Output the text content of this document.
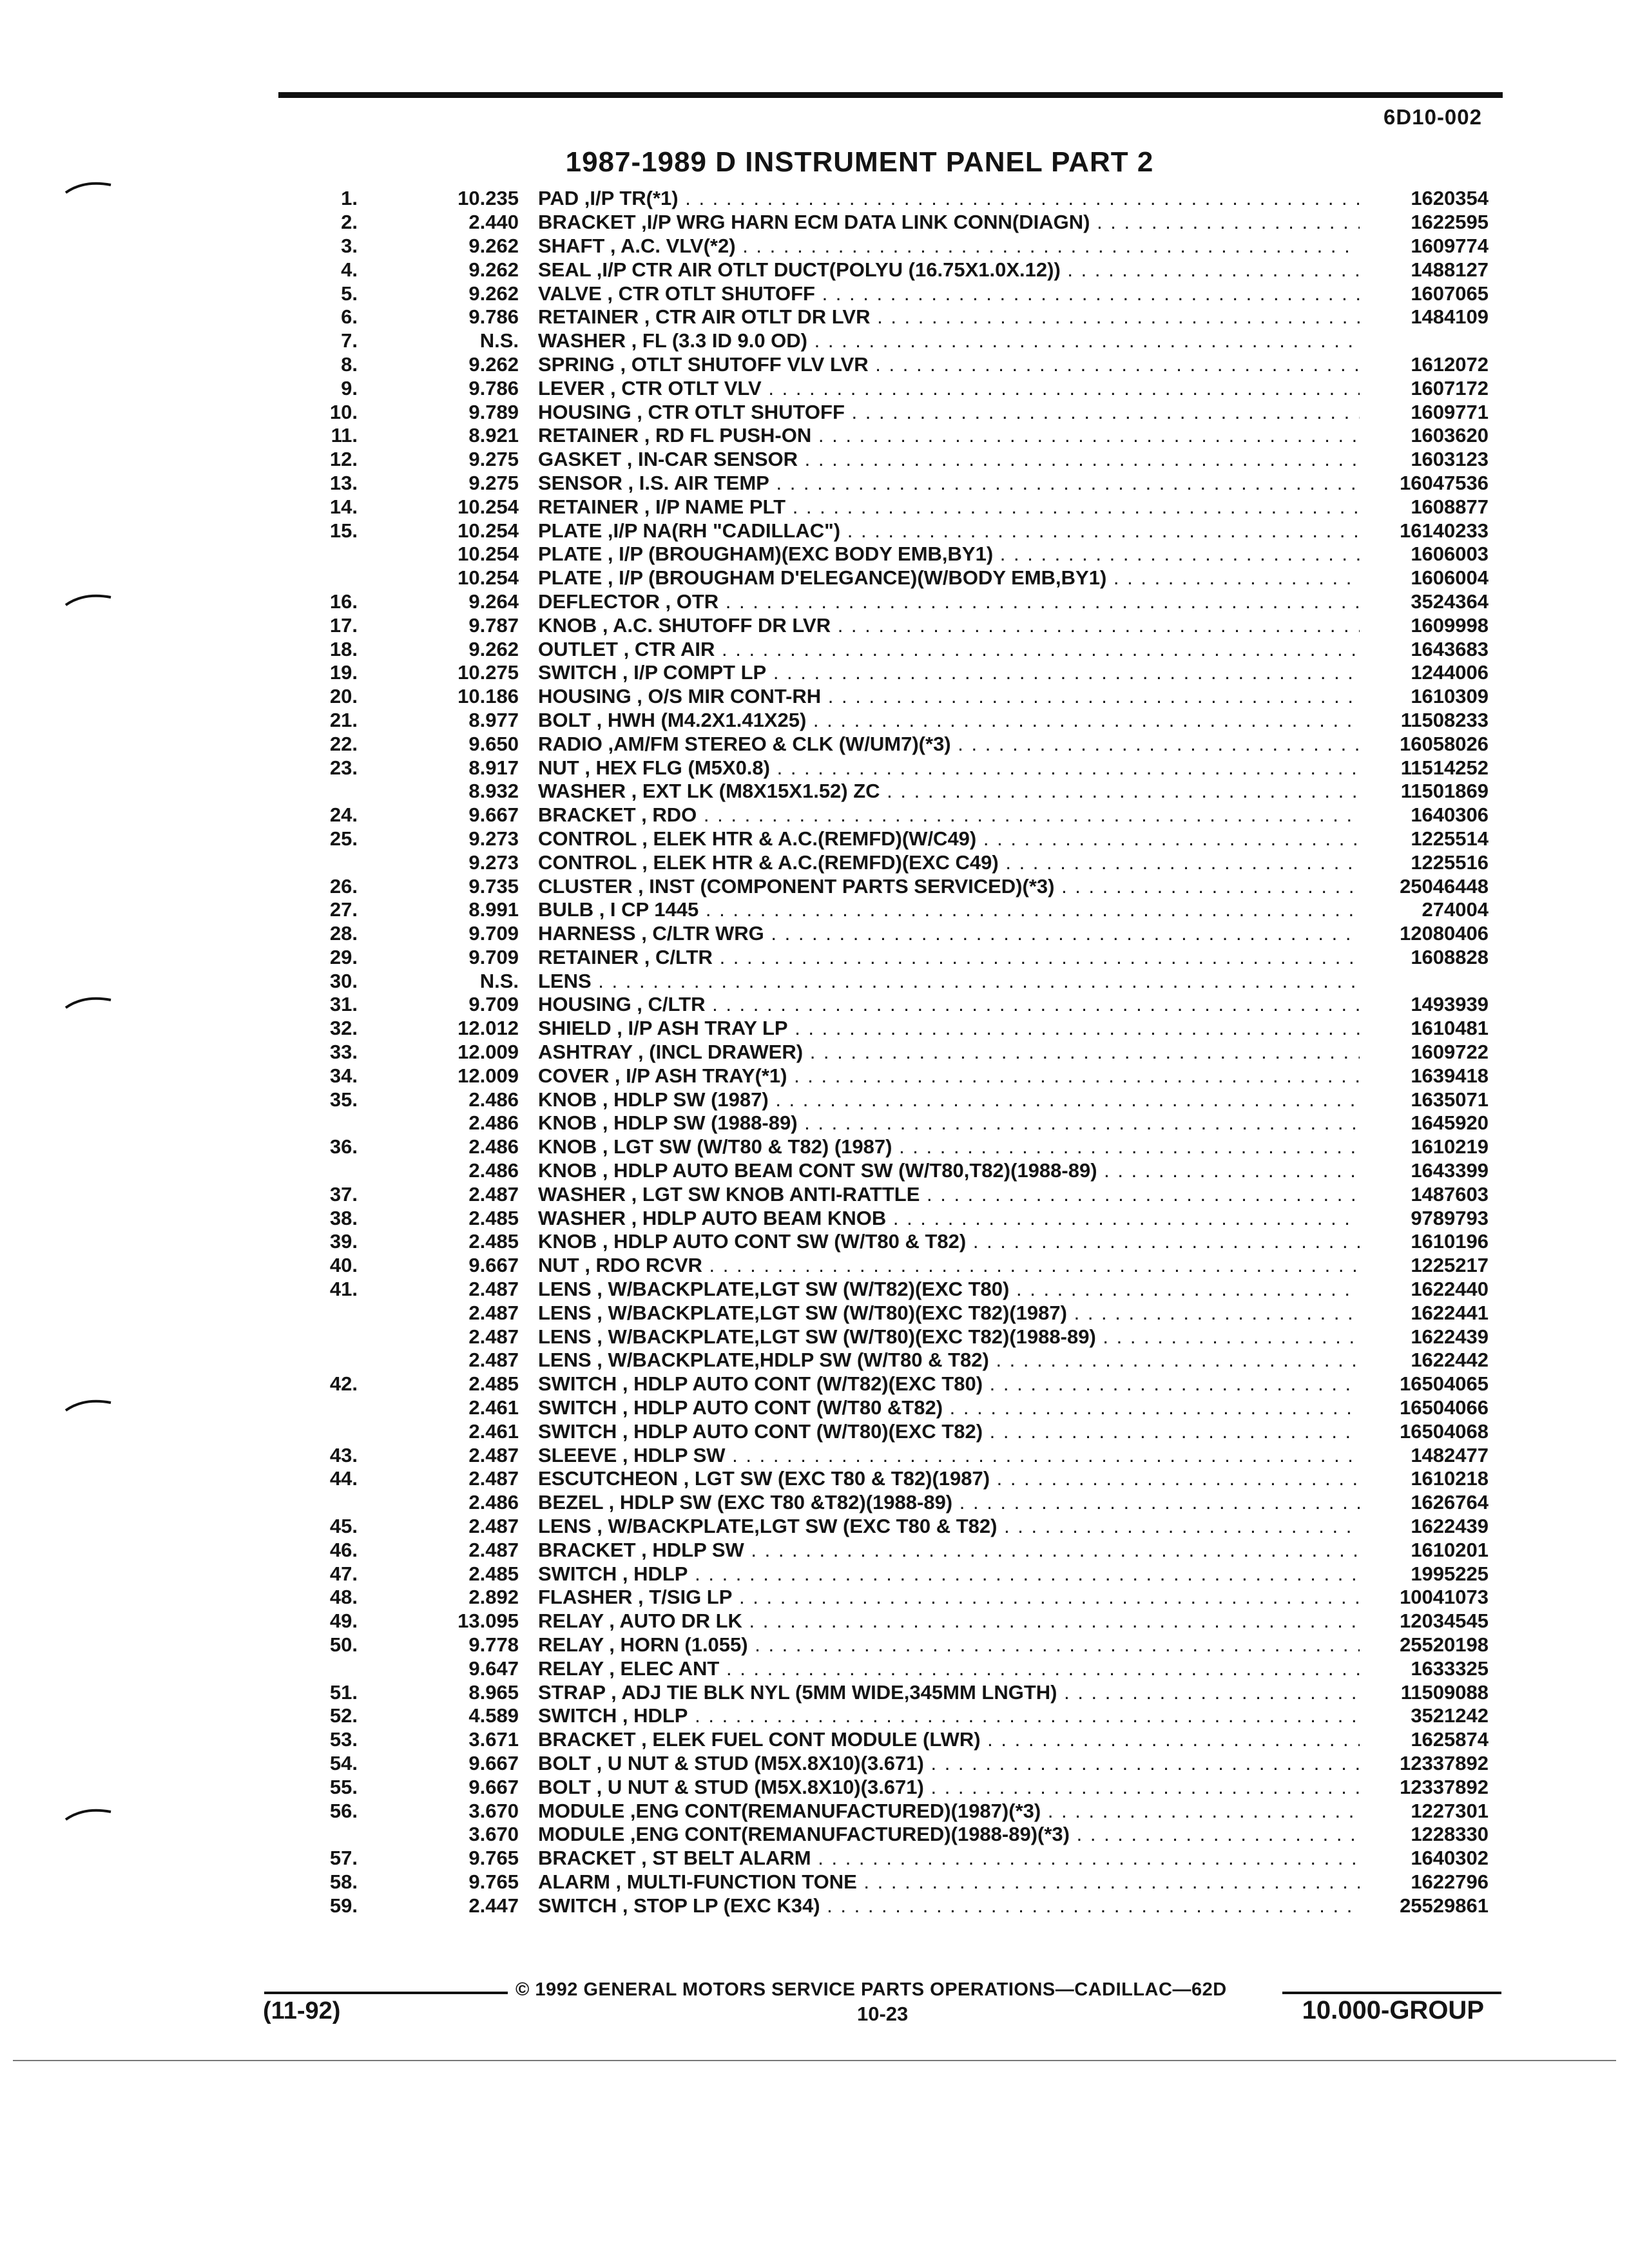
6D10-002
1987-1989 D INSTRUMENT PANEL PART 2
1.	10.235 PAD ,I/P TR(*1) . . .	1620354
2.	2.440 BRACKET ,I/P WRG HARN ECM DATA LINK CONN(DIAGN) . . .	1622595
3.	9.262 SHAFT , A.C. VLV(*2) . . .	1609774
4.	9.262 SEAL ,I/P CTR AIR OTLT DUCT(POLYU (16.75X1.0X.12)) . . .	1488127
5.	9.262 VALVE , CTR OTLT SHUTOFF . . .	1607065
6.	9.786 RETAINER , CTR AIR OTLT DR LVR . . .	1484109
7.	N.S. WASHER , FL (3.3 ID 9.0 OD) . . .
8.	9.262 SPRING , OTLT SHUTOFF VLV LVR . . .	1612072
9.	9.786 LEVER , CTR OTLT VLV . . .	1607172
10.	9.789 HOUSING , CTR OTLT SHUTOFF . . .	1609771
11.	8.921 RETAINER , RD FL PUSH-ON . . .	1603620
12.	9.275 GASKET , IN-CAR SENSOR . . .	1603123
13.	9.275 SENSOR , I.S. AIR TEMP . . .	16047536
14.	10.254 RETAINER , I/P NAME PLT . . .	1608877
15.	10.254 PLATE ,I/P NA(RH "CADILLAC") . . .	16140233
10.254 PLATE , I/P (BROUGHAM)(EXC BODY EMB,BY1) . . .	1606003
10.254 PLATE , I/P (BROUGHAM D'ELEGANCE)(W/BODY EMB,BY1) . . .	1606004
16.	9.264 DEFLECTOR , OTR . . .	3524364
17.	9.787 KNOB , A.C. SHUTOFF DR LVR . . .	1609998
18.	9.262 OUTLET , CTR AIR . . .	1643683
19.	10.275 SWITCH , I/P COMPT LP . . .	1244006
20.	10.186 HOUSING , O/S MIR CONT-RH . . .	1610309
21.	8.977 BOLT , HWH (M4.2X1.41X25) . . .	11508233
22.	9.650 RADIO ,AM/FM STEREO & CLK (W/UM7)(*3) . . .	16058026
23.	8.917 NUT , HEX FLG (M5X0.8) . . .	11514252
8.932 WASHER , EXT LK (M8X15X1.52) ZC . . .	11501869
24.	9.667 BRACKET , RDO . . .	1640306
25.	9.273 CONTROL , ELEK HTR & A.C.(REMFD)(W/C49) . . .	1225514
9.273 CONTROL , ELEK HTR & A.C.(REMFD)(EXC C49) . . .	1225516
26.	9.735 CLUSTER , INST (COMPONENT PARTS SERVICED)(*3) . . .	25046448
27.	8.991 BULB , I CP 1445 . . .	274004
28.	9.709 HARNESS , C/LTR WRG . . .	12080406
29.	9.709 RETAINER , C/LTR . . .	1608828
30.	N.S. LENS . . .
31.	9.709 HOUSING , C/LTR . . .	1493939
32.	12.012 SHIELD , I/P ASH TRAY LP . . .	1610481
33.	12.009 ASHTRAY , (INCL DRAWER) . . .	1609722
34.	12.009 COVER , I/P ASH TRAY(*1) . . .	1639418
35.	2.486 KNOB , HDLP SW (1987) . . .	1635071
2.486 KNOB , HDLP SW (1988-89) . . .	1645920
36.	2.486 KNOB , LGT SW (W/T80 & T82) (1987) . . .	1610219
2.486 KNOB , HDLP AUTO BEAM CONT SW (W/T80,T82)(1988-89) . . .	1643399
37.	2.487 WASHER , LGT SW KNOB ANTI-RATTLE . . .	1487603
38.	2.485 WASHER , HDLP AUTO BEAM KNOB . . .	9789793
39.	2.485 KNOB , HDLP AUTO CONT SW (W/T80 & T82) . . .	1610196
40.	9.667 NUT , RDO RCVR . . .	1225217
41.	2.487 LENS , W/BACKPLATE,LGT SW (W/T82)(EXC T80) . . .	1622440
2.487 LENS , W/BACKPLATE,LGT SW (W/T80)(EXC T82)(1987) . . .	1622441
2.487 LENS , W/BACKPLATE,LGT SW (W/T80)(EXC T82)(1988-89) . . .	1622439
2.487 LENS , W/BACKPLATE,HDLP SW (W/T80 & T82) . . .	1622442
42.	2.485 SWITCH , HDLP AUTO CONT (W/T82)(EXC T80) . . .	16504065
2.461 SWITCH , HDLP AUTO CONT (W/T80 &T82) . . .	16504066
2.461 SWITCH , HDLP AUTO CONT (W/T80)(EXC T82) . . .	16504068
43.	2.487 SLEEVE , HDLP SW . . .	1482477
44.	2.487 ESCUTCHEON , LGT SW (EXC T80 & T82)(1987) . . .	1610218
2.486 BEZEL , HDLP SW (EXC T80 &T82)(1988-89) . . .	1626764
45.	2.487 LENS , W/BACKPLATE,LGT SW (EXC T80 & T82) . . .	1622439
46.	2.487 BRACKET , HDLP SW . . .	1610201
47.	2.485 SWITCH , HDLP . . .	1995225
48.	2.892 FLASHER , T/SIG LP . . .	10041073
49.	13.095 RELAY , AUTO DR LK . . .	12034545
50.	9.778 RELAY , HORN (1.055) . . .	25520198
9.647 RELAY , ELEC ANT . . .	1633325
51.	8.965 STRAP , ADJ TIE BLK NYL (5MM WIDE,345MM LNGTH) . . .	11509088
52.	4.589 SWITCH , HDLP . . .	3521242
53.	3.671 BRACKET , ELEK FUEL CONT MODULE (LWR) . . .	1625874
54.	9.667 BOLT , U NUT & STUD (M5X.8X10)(3.671) . . .	12337892
55.	9.667 BOLT , U NUT & STUD (M5X.8X10)(3.671) . . .	12337892
56.	3.670 MODULE ,ENG CONT(REMANUFACTURED)(1987)(*3) . . .	1227301
3.670 MODULE ,ENG CONT(REMANUFACTURED)(1988-89)(*3) . . .	1228330
57.	9.765 BRACKET , ST BELT ALARM . . .	1640302
58.	9.765 ALARM , MULTI-FUNCTION TONE . . .	1622796
59.	2.447 SWITCH , STOP LP (EXC K34) . . .	25529861
© 1992 GENERAL MOTORS SERVICE PARTS OPERATIONS—CADILLAC—62D
(11-92)	10-23	10.000-GROUP
